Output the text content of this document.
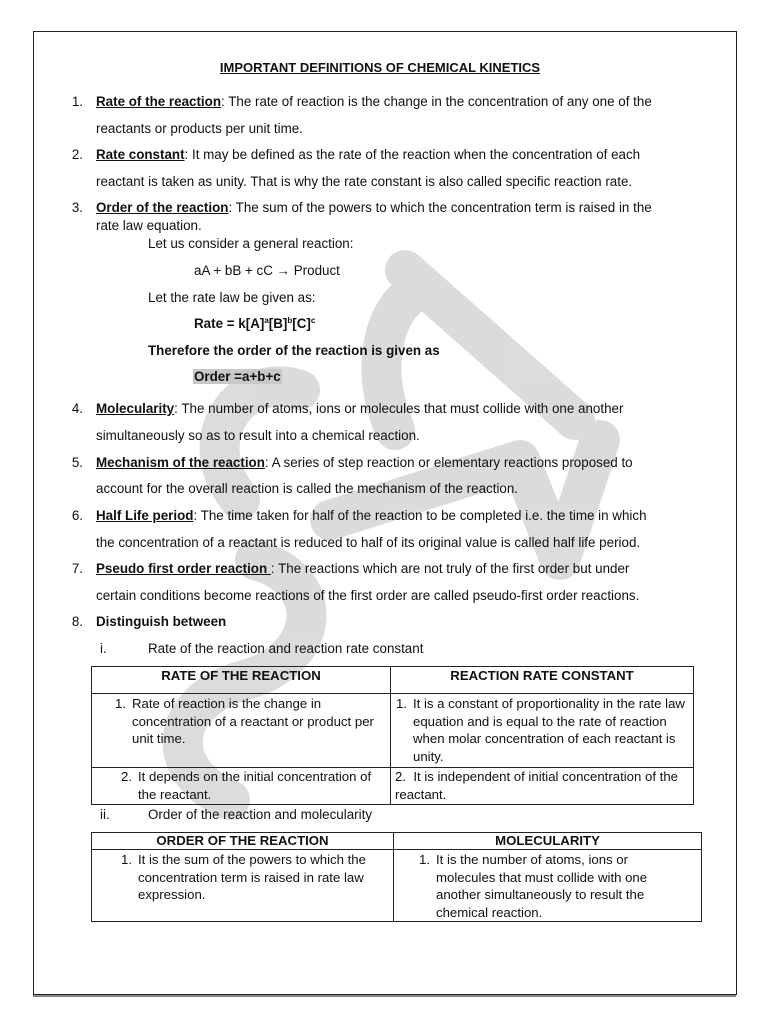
IMPORTANT DEFINITIONS OF CHEMICAL KINETICS
1. Rate of the reaction: The rate of reaction is the change in the concentration of any one of the
reactants or products per unit time.
2. Rate constant: It may be defined as the rate of the reaction when the concentration of each
reactant is taken as unity. That is why the rate constant is also called specific reaction rate.
3. Order of the reaction: The sum of the powers to which the concentration term is raised in the
rate law equation.
Let us consider a general reaction:
aA + bB + cC → Product
Let the rate law be given as:
Rate = $k[A]^a[B]^b[C]^c$
Therefore the order of the reaction is given as
Order =a+b+c
4. Molecularity: The number of atoms, ions or molecules that must collide with one another
simultaneously so as to result into a chemical reaction.
5. Mechanism of the reaction: A series of step reaction or elementary reactions proposed to
account for the overall reaction is called the mechanism of the reaction.
6. Half Life period: The time taken for half of the reaction to be completed i.e. the time in which
the concentration of a reactant is reduced to half of its original value is called half life period.
7. Pseudo first order reaction : The reactions which are not truly of the first order but under
certain conditions become reactions of the first order are called pseudo-first order reactions.
8. Distinguish between
i.	Rate of the reaction and reaction rate constant
RATE OF THE REACTION	REACTION RATE CONSTANT

1. Rate of reaction is the change in concentration of a reactant or product per unit time.	1. It is a constant of proportionality in the rate law equation and is equal to the rate of reaction when molar concentration of each reactant is unity.

2. It depends on the initial concentration of the reactant.	2. It is independent of initial concentration of the reactant.
ii.	Order of the reaction and molecularity
ORDER OF THE REACTION	MOLECULARITY

1. It is the sum of the powers to which the concentration term is raised in rate law expression.	1. It is the number of atoms, ions or molecules that must collide with one another simultaneously to result the chemical reaction.
